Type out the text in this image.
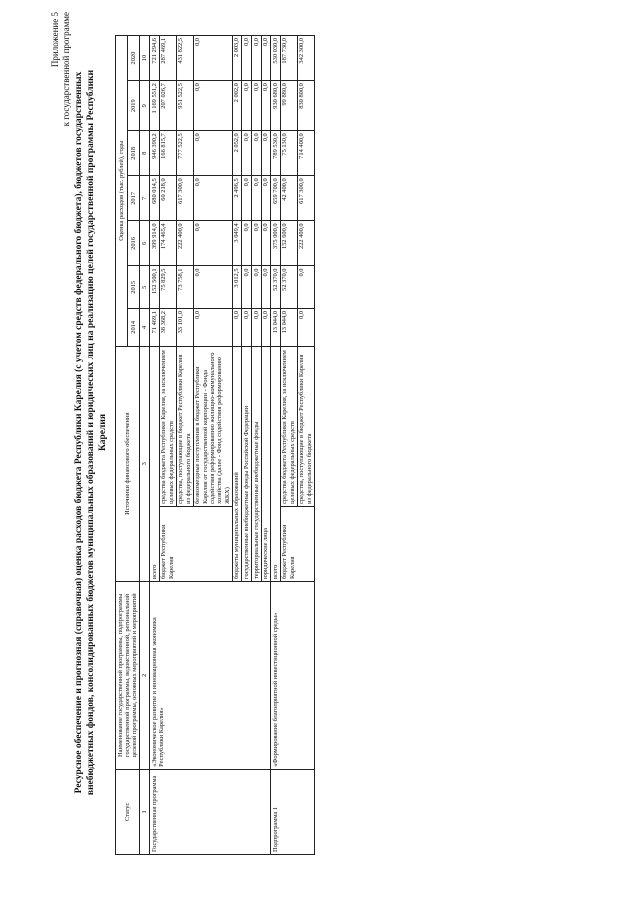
Приложение 5 к государственной программе
Ресурсное обеспечение и прогнозная (справочная) оценка расходов бюджета Республики Карелия (с учетом средств федерального бюджета), бюджетов государственных внебюджетных фондов, консолидированных бюджетов муниципальных образований и юридических лиц на реализацию целей государственной программы Республики Карелия
Статус	Наименование государственной программы, подпрограммы государственной программы, ведомственной, региональной целевой программы, основных мероприятий и мероприятий	Источники финансового обеспечения		Оценка расходов (тыс. рублей), годы						
				2014	2015	2016	2017	2018	2019	2020
1	2	3		4	5	6	7	8	9	10
Государственная программа	«Экономическое развитие и инновационная экономика Республики Карелия»	всего		71 469,1	152 500,1	399 914,0	680 014,5	946 390,2	1 169 551,2	721 294,6
		бюджет Республики Карелия	средства бюджета Республики Карелия, за исключением целевых федеральных средств	38 368,2	75 829,5	174 465,4	60 218,0	166 815,7	207 026,7	287 469,1
			средства, поступающие в бюджет Республики Карелия из федерального бюджета	33 101,0	73 758,1	222 400,0	617 300,0	777 522,5	951 522,5	431 822,5
			безвозмездные поступления в бюджет Республики Карелия от государственной корпорации - Фонда содействия реформированию жилищно-коммунального хозяйства (далее - Фонд содействия реформированию ЖКХ)	0,0	0,0	0,0	0,0	0,0	0,0	0,0
		бюджеты муниципальных образований		0,0	3 012,5	3 049,4	2 496,5	2 052,0	2 002,0	2 003,0
		государственные внебюджетные фонды Российской Федерации		0,0	0,0	0,0	0,0	0,0	0,0	0,0
		территориальные государственные внебюджетные фонды		0,0	0,0	0,0	0,0	0,0	0,0	0,0
		юридические лица		0,0	0,0	0,0	0,0	0,0	0,0	0,0
Подпрограмма 1	«Формирование благоприятной инвестиционной среды»	всего		13 044,0	52 370,0	375 000,0	659 700,0	789 530,0	930 680,0	530 030,0
		бюджет Республики Карелия	средства бюджета Республики Карелия, за исключением целевых федеральных средств	13 044,0	52 370,0	152 600,0	42 400,0	75 130,0	99 880,0	187 730,0
			средства, поступающие в бюджет Республики Карелия из федерального бюджета	0,0	0,0	222 400,0	617 300,0	714 400,0	830 800,0	342 300,0
